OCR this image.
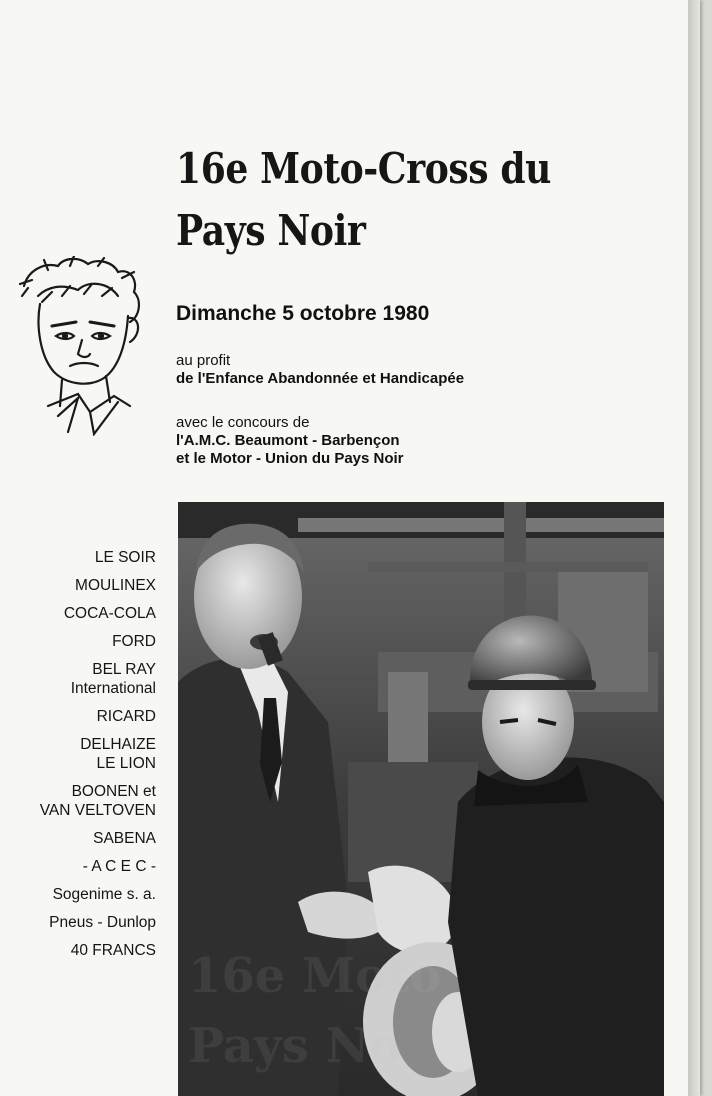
16e Moto-Cross du
Pays Noir
Dimanche 5 octobre 1980
au profit
de l'Enfance Abandonnée et Handicapée
avec le concours de
l'A.M.C. Beaumont - Barbençon
et le Motor - Union du Pays Noir
LE SOIR
MOULINEX
COCA-COLA
FORD
BEL RAY
International
RICARD
DELHAIZE
LE LION
BOONEN et
VAN VELTOVEN
SABENA
- A C E C -
Sogenime s. a.
Pneus - Dunlop
40 FRANCS 16e Moto
Pays No
